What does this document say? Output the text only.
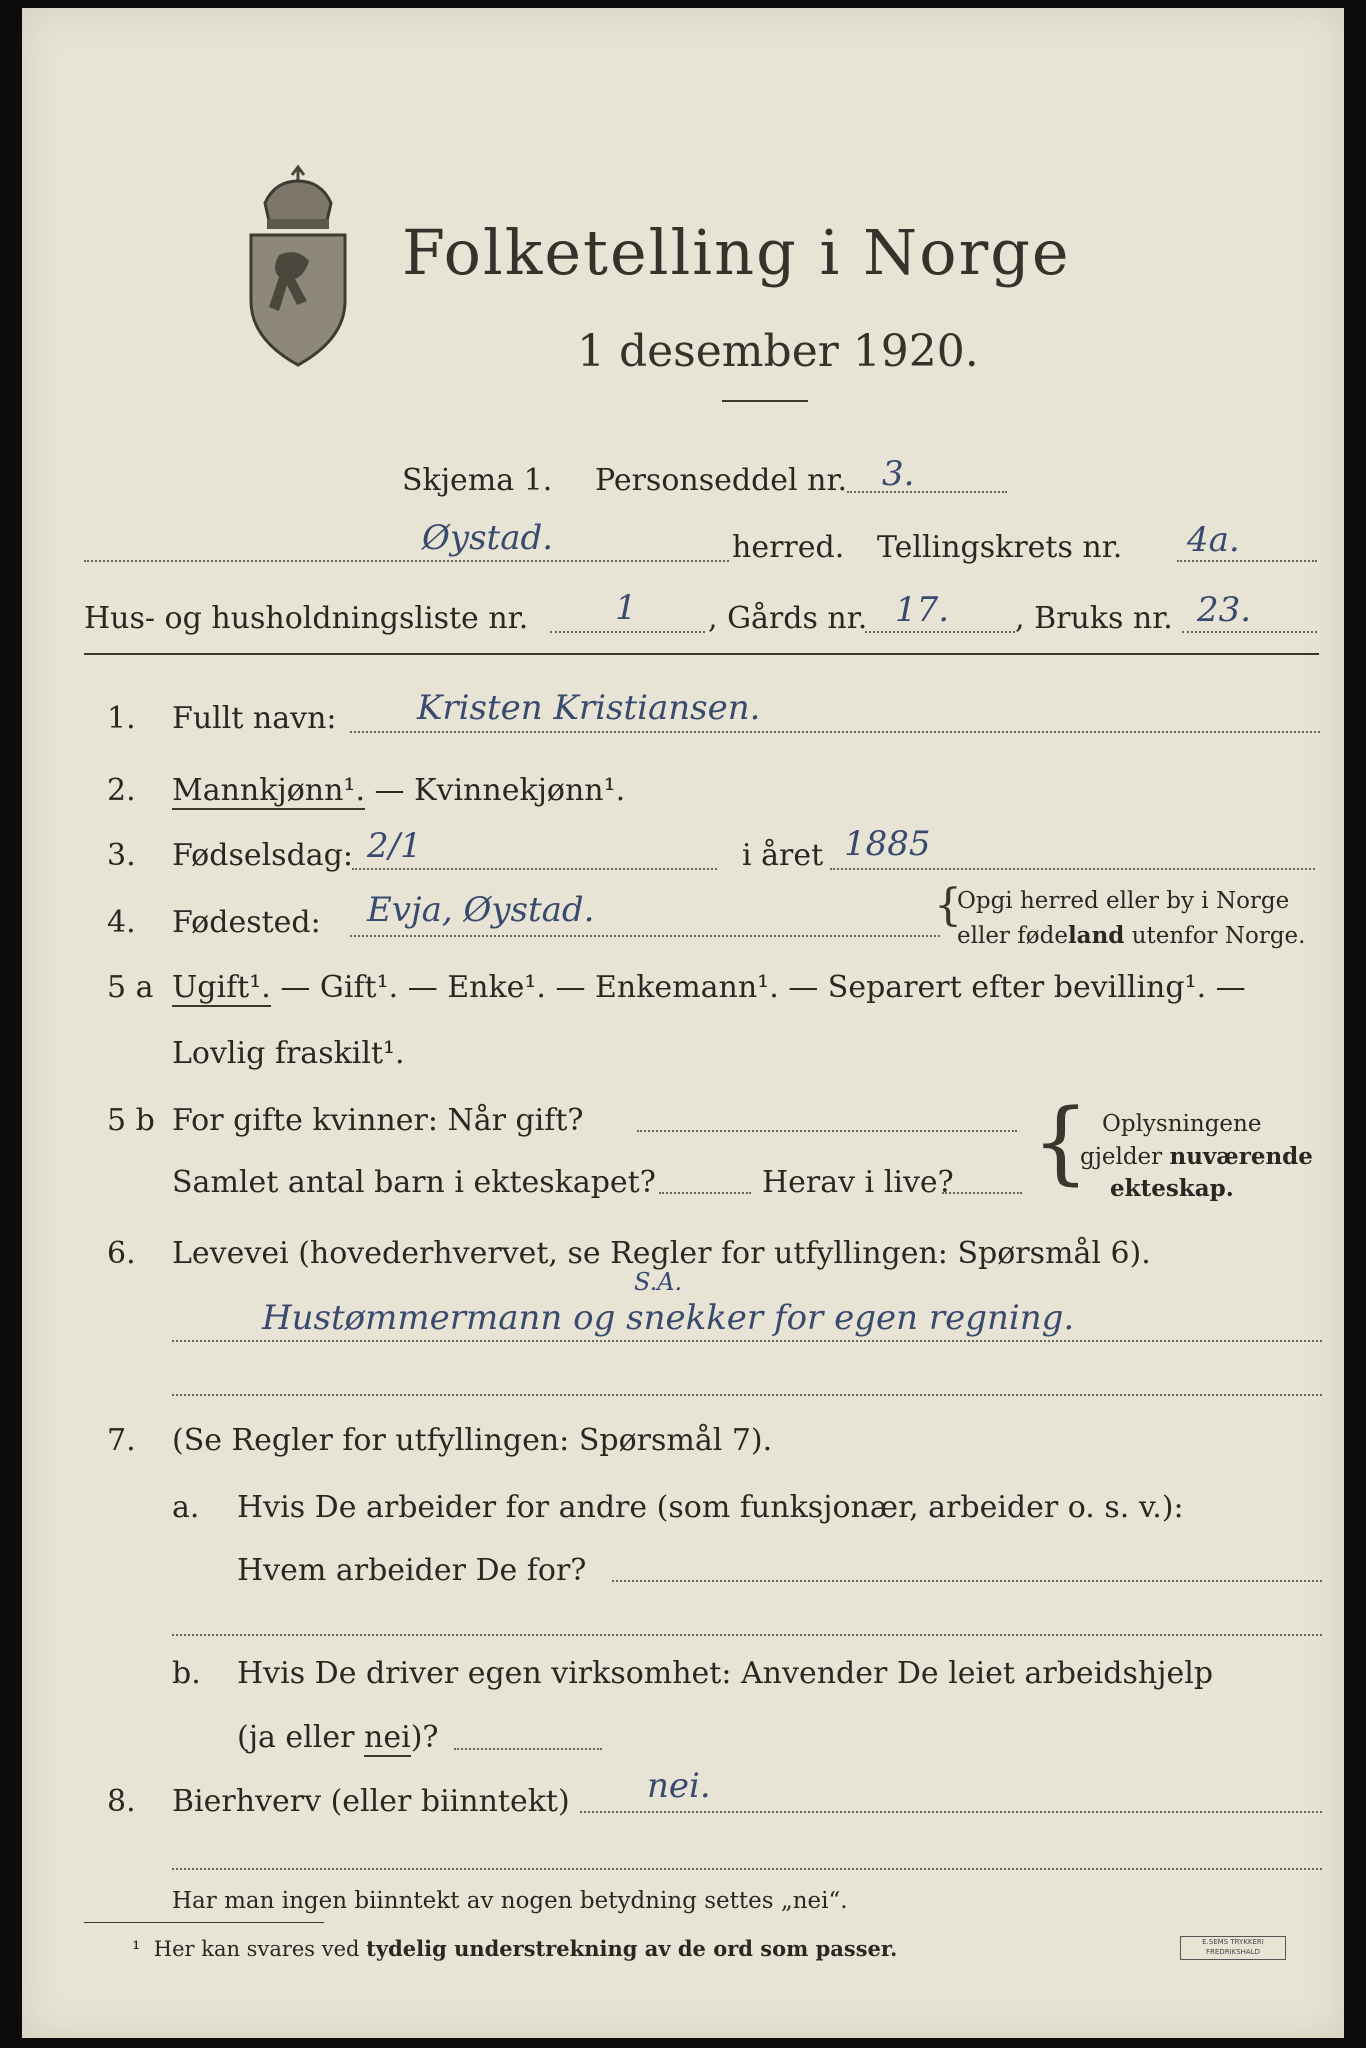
Folketelling i Norge
1 desember 1920.
Skjema 1. Personseddel nr. 3.
Øystad.	herred. Tellingskrets nr. 4a.
Hus- og husholdningsliste nr.	1 , Gårds nr. 17. , Bruks nr. 23.
1. Fullt navn: Kristen Kristiansen.
2. Mannkjønn¹. — Kvinnekjønn¹.
3. Fødselsdag: 2/1	i året 1885
4. Fødested: Evja, Øystad.	{
Opgi herred eller by i Norge
eller fødeland utenfor Norge.
5 a Ugift¹. — Gift¹. — Enke¹. — Enkemann¹. — Separert efter bevilling¹. —
Lovlig fraskilt¹.
5 b For gifte kvinner: Når gift?
Samlet antal barn i ekteskapet?	Herav i live? { Oplysningene
gjelder nuværende
ekteskap.
6. Levevei (hovederhvervet, se Regler for utfyllingen: Spørsmål 6).
S.A.
Hustømmermann og snekker for egen regning.
7. (Se Regler for utfyllingen: Spørsmål 7).
a. Hvis De arbeider for andre (som funksjonær, arbeider o. s. v.):
Hvem arbeider De for?
b. Hvis De driver egen virksomhet: Anvender De leiet arbeidshjelp
(ja eller nei)?
8. Bierhverv (eller biinntekt) nei.
Har man ingen biinntekt av nogen betydning settes „nei“.
¹ Her kan svares ved tydelig understrekning av de ord som passer.	E.SEMS TRYKKERI
FREDRIKSHALD
